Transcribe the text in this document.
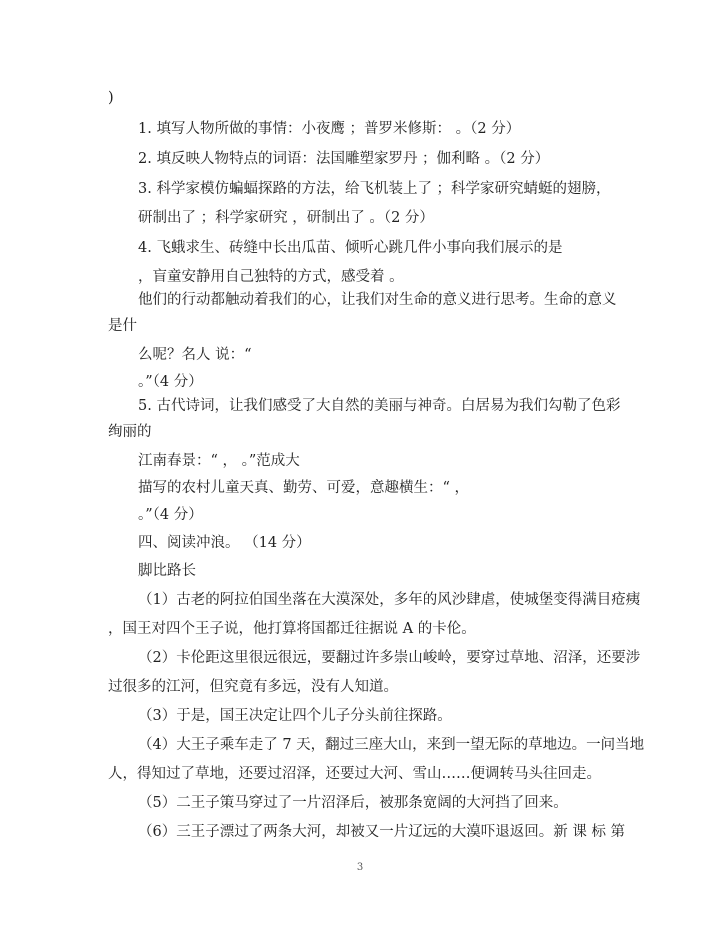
)
1. 填写人物所做的事情：小夜鹰 ；普罗米修斯： 。（2 分）
2. 填反映人物特点的词语：法国雕塑家罗丹 ；伽利略 。（2 分）
3. 科学家模仿蝙蝠探路的方法，给飞机装上了 ；科学家研究蜻蜓的翅膀，
研制出了 ；科学家研究 ，研制出了 。（2 分）
4. 飞蛾求生、砖缝中长出瓜苗、倾听心跳几件小事向我们展示的是
，盲童安静用自己独特的方式，感受着 。
他们的行动都触动着我们的心，让我们对生命的意义进行思考。生命的意义
是什
么呢？名人 说：“
。”（4 分）
5. 古代诗词，让我们感受了大自然的美丽与神奇。白居易为我们勾勒了色彩
绚丽的
江南春景：“ ， 。”范成大
描写的农村儿童天真、勤劳、可爱，意趣横生：“ ，
。”（4 分）
四、阅读冲浪。 （14 分）
脚比路长
（1）古老的阿拉伯国坐落在大漠深处，多年的风沙肆虐，使城堡变得满目疮痍
，国王对四个王子说，他打算将国都迁往据说 A 的卡伦。
（2）卡伦距这里很远很远，要翻过许多崇山峻岭，要穿过草地、沼泽，还要涉
过很多的江河，但究竟有多远，没有人知道。
（3）于是，国王决定让四个儿子分头前往探路。
（4）大王子乘车走了 7 天，翻过三座大山，来到一望无际的草地边。一问当地
人，得知过了草地，还要过沼泽，还要过大河、雪山……便调转马头往回走。
（5）二王子策马穿过了一片沼泽后，被那条宽阔的大河挡了回来。
（6）三王子漂过了两条大河，却被又一片辽远的大漠吓退返回。新 课 标 第
3
